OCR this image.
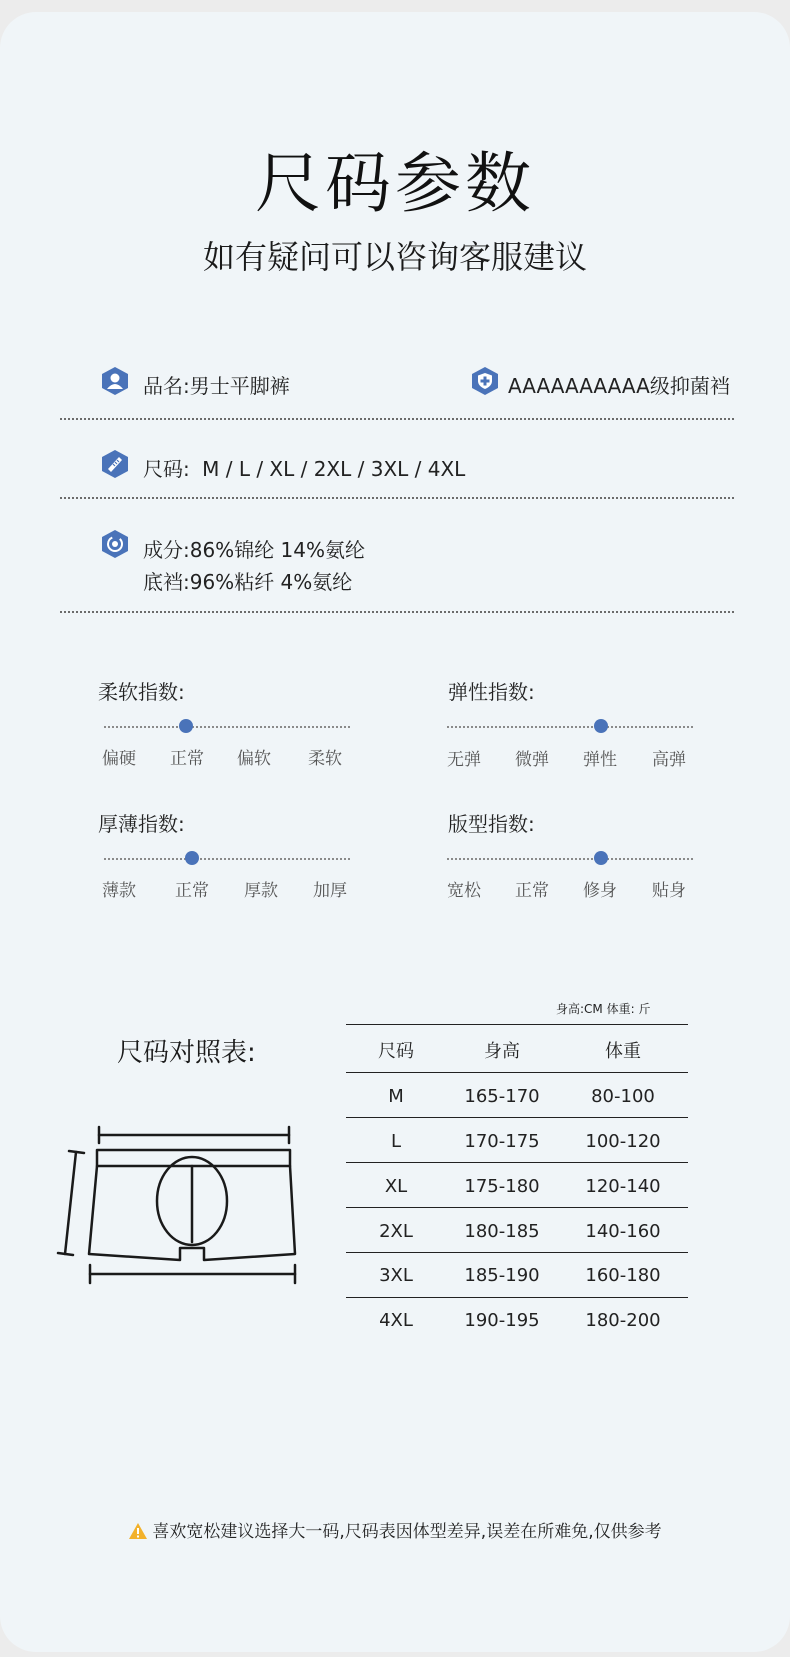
尺码参数
如有疑问可以咨询客服建议
品名:男士平脚裤	AAAAAAAAAA级抑菌裆
尺码: M / L / XL / 2XL / 3XL / 4XL
成分:86%锦纶 14%氨纶
底裆:96%粘纤 4%氨纶
柔软指数:
偏硬 正常 偏软 柔软
弹性指数:
无弹 微弹 弹性 高弹
厚薄指数:
薄款 正常 厚款 加厚
版型指数:
宽松 正常 修身 贴身
身高:CM 体重: 斤
尺码对照表:	尺码	身高	体重
M	165-170	80-100
L	170-175	100-120
XL	175-180	120-140
2XL	180-185	140-160
3XL	185-190	160-180
4XL	190-195	180-200
喜欢宽松建议选择大一码,尺码表因体型差异,误差在所难免,仅供参考
